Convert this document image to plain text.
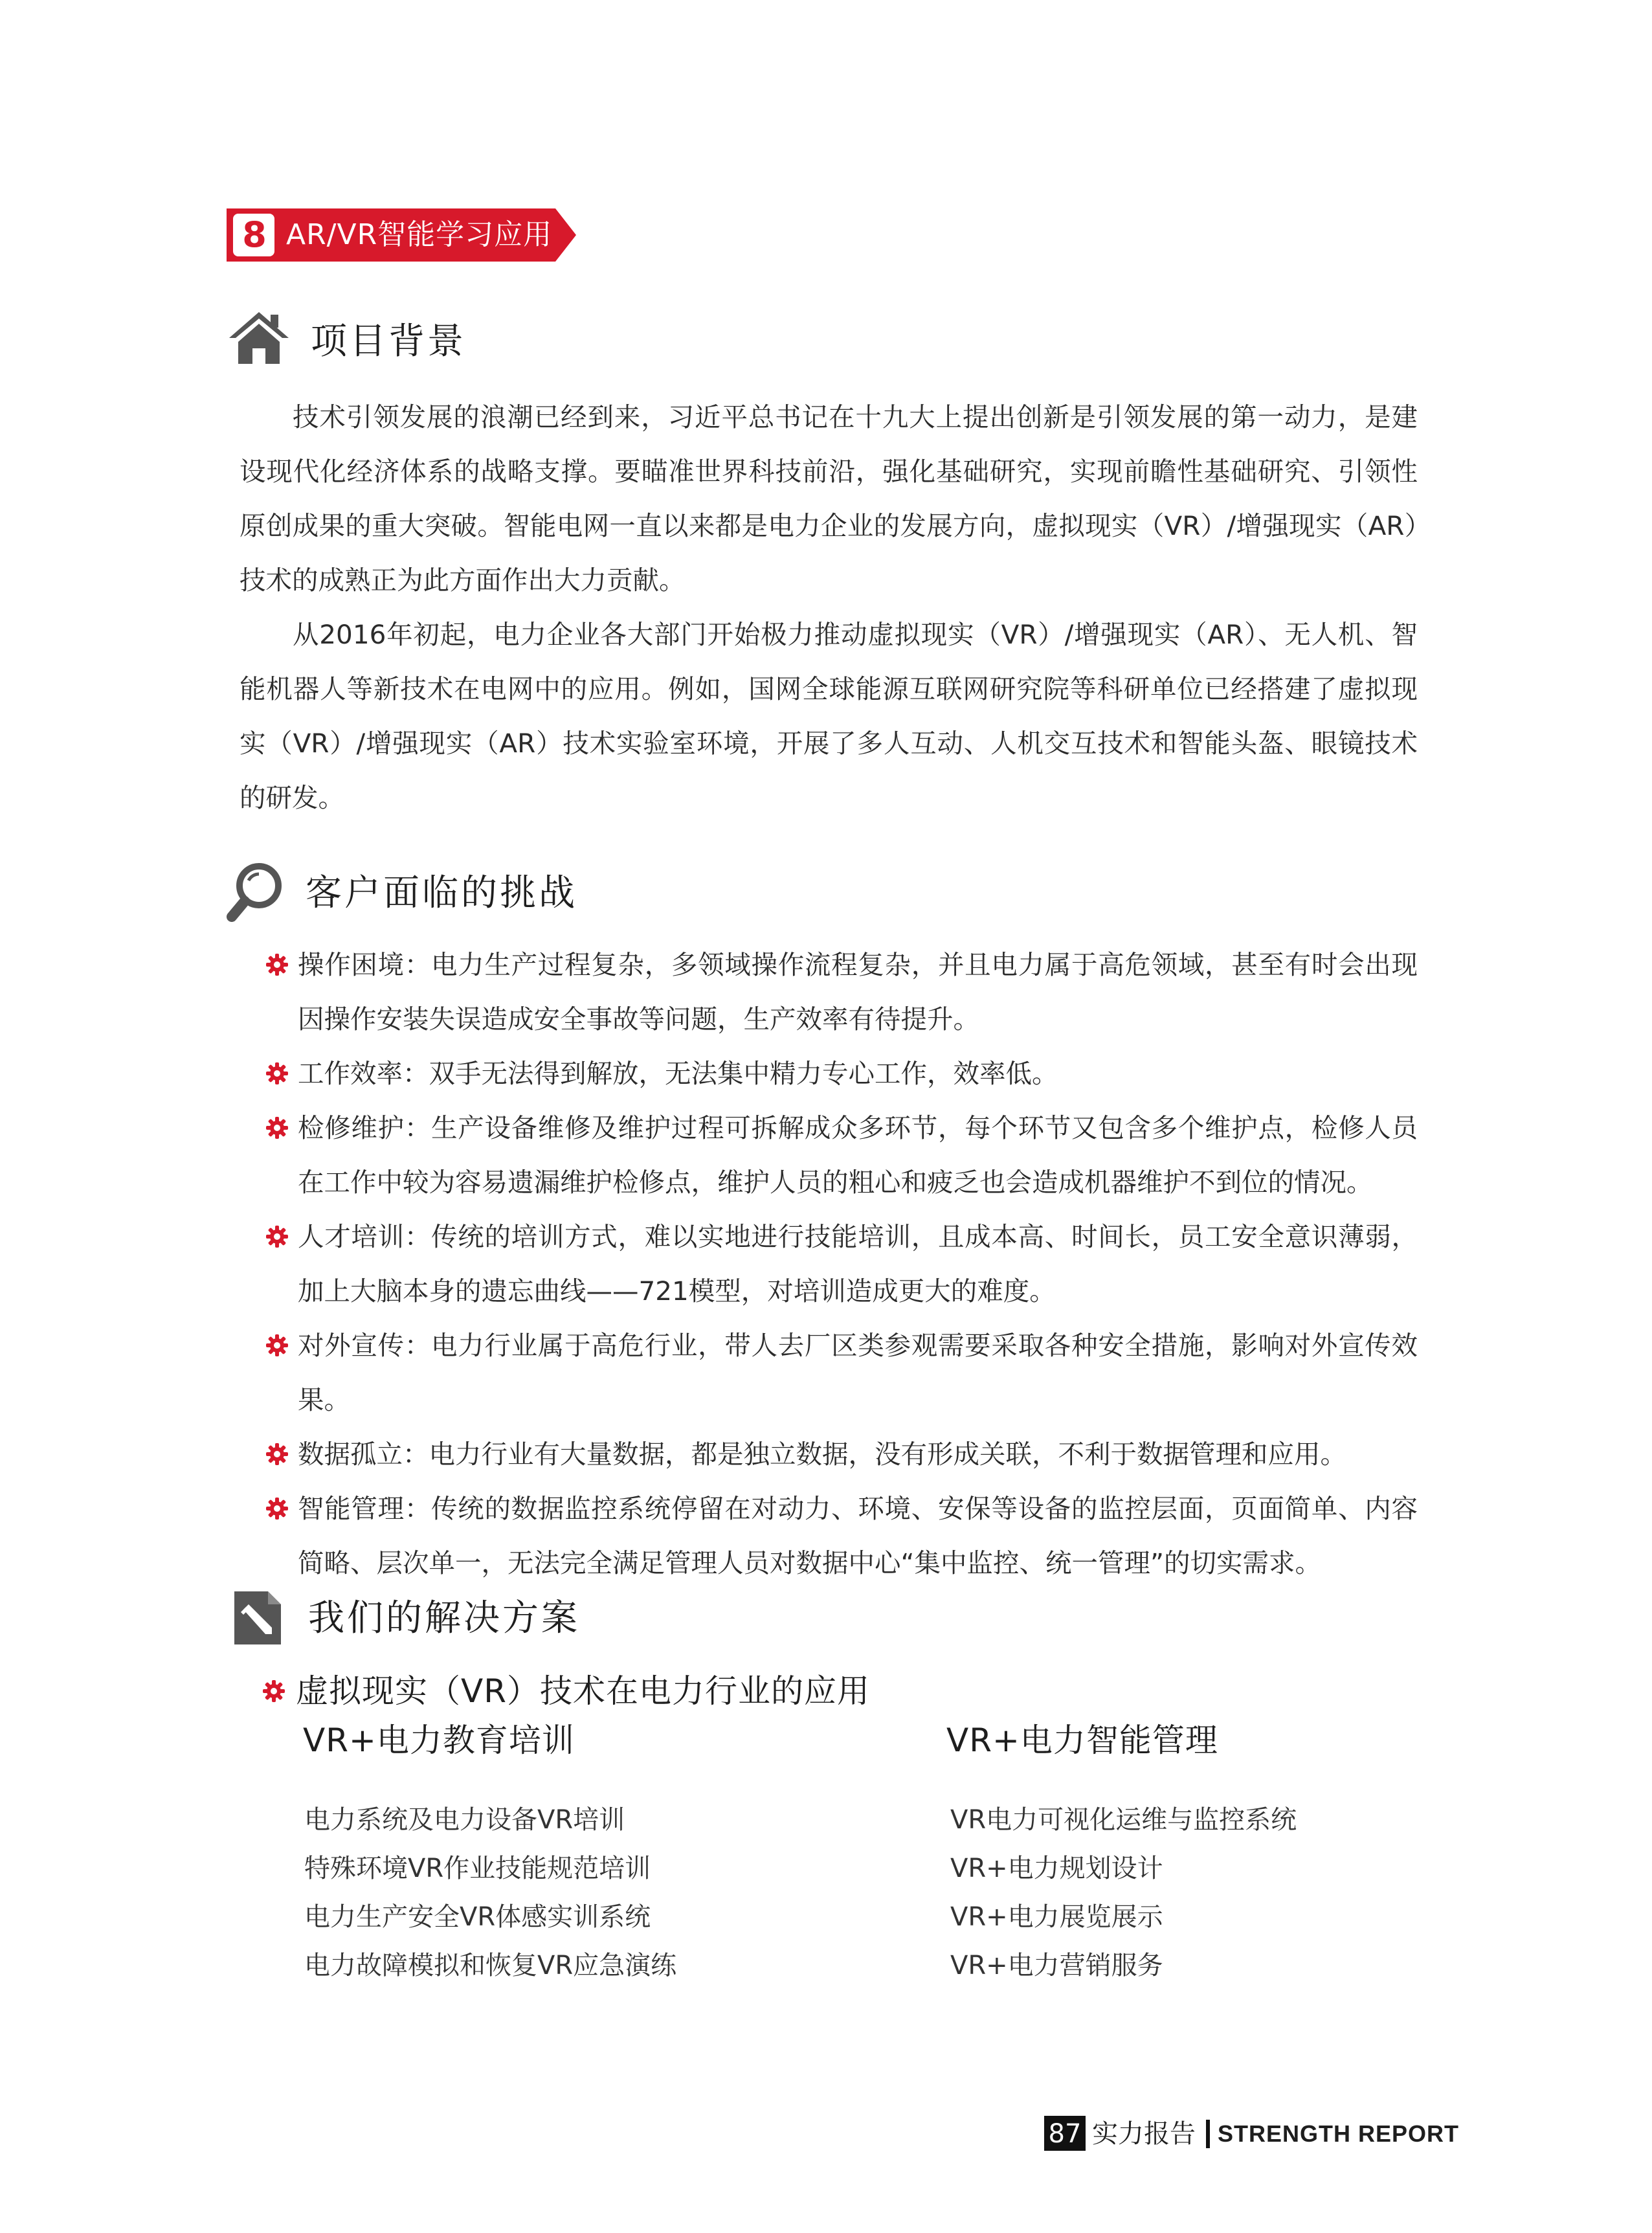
8 AR/VR智能学习应用
项目背景

技术引领发展的浪潮已经到来，习近平总书记在十九大上提出创新是引领发展的第一动力，是建设现代化经济体系的战略支撑。要瞄准世界科技前沿，强化基础研究，实现前瞻性基础研究、引领性原创成果的重大突破。智能电网一直以来都是电力企业的发展方向，虚拟现实（VR）/增强现实（AR）技术的成熟正为此方面作出大力贡献。

从2016年初起，电力企业各大部门开始极力推动虚拟现实（VR）/增强现实（AR）、无人机、智能机器人等新技术在电网中的应用。例如，国网全球能源互联网研究院等科研单位已经搭建了虚拟现实（VR）/增强现实（AR）技术实验室环境，开展了多人互动、人机交互技术和智能头盔、眼镜技术的研发。

客户面临的挑战
操作困境：电力生产过程复杂，多领域操作流程复杂，并且电力属于高危领域，甚至有时会出现因操作安装失误造成安全事故等问题，生产效率有待提升。
工作效率：双手无法得到解放，无法集中精力专心工作，效率低。
检修维护：生产设备维修及维护过程可拆解成众多环节，每个环节又包含多个维护点，检修人员在工作中较为容易遗漏维护检修点，维护人员的粗心和疲乏也会造成机器维护不到位的情况。
人才培训：传统的培训方式，难以实地进行技能培训，且成本高、时间长，员工安全意识薄弱，加上大脑本身的遗忘曲线——721模型，对培训造成更大的难度。
对外宣传：电力行业属于高危行业，带人去厂区类参观需要采取各种安全措施，影响对外宣传效果。
数据孤立：电力行业有大量数据，都是独立数据，没有形成关联，不利于数据管理和应用。
智能管理：传统的数据监控系统停留在对动力、环境、安保等设备的监控层面，页面简单、内容简略、层次单一，无法完全满足管理人员对数据中心“集中监控、统一管理”的切实需求。
我们的解决方案
虚拟现实（VR）技术在电力行业的应用
VR+电力教育培训
电力系统及电力设备VR培训
特殊环境VR作业技能规范培训
电力生产安全VR体感实训系统
电力故障模拟和恢复VR应急演练
VR+电力智能管理
VR电力可视化运维与监控系统
VR+电力规划设计
VR+电力展览展示
VR+电力营销服务
87 实力报告 STRENGTH REPORT
